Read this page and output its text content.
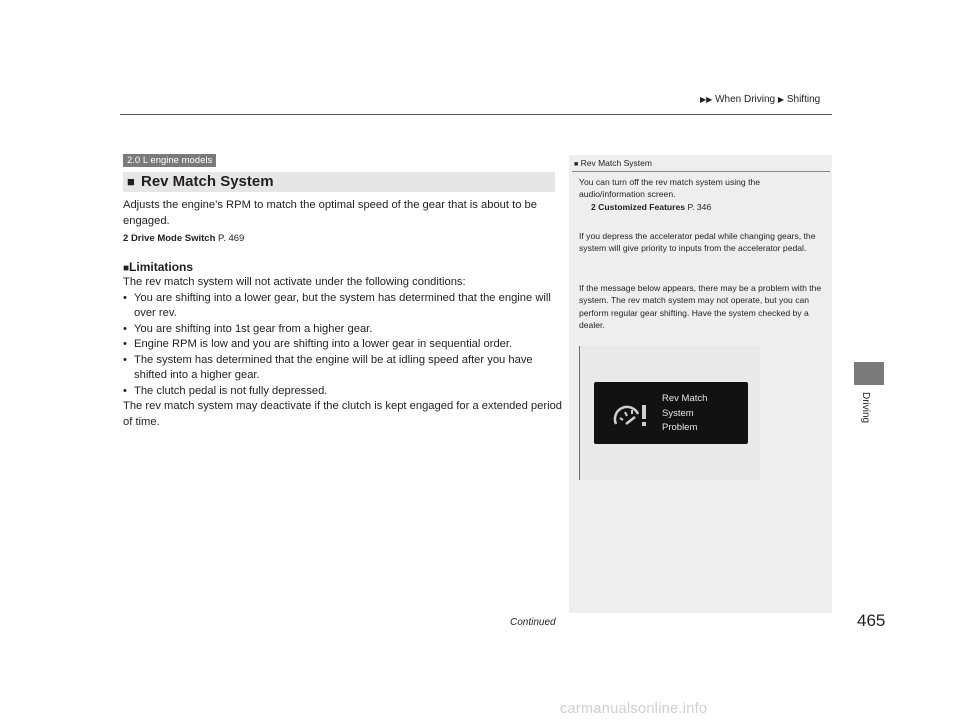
▶▶ When Driving ▶ Shifting
2.0 L engine models
■ Rev Match System
Adjusts the engine’s RPM to match the optimal speed of the gear that is about to be engaged.
2 Drive Mode Switch P. 469
■Limitations
The rev match system will not activate under the following conditions:
• You are shifting into a lower gear, but the system has determined that the engine will over rev.
• You are shifting into 1st gear from a higher gear.
• Engine RPM is low and you are shifting into a lower gear in sequential order.
• The system has determined that the engine will be at idling speed after you have shifted into a higher gear.
• The clutch pedal is not fully depressed.
The rev match system may deactivate if the clutch is kept engaged for a extended period of time.
■ Rev Match System
You can turn off the rev match system using the audio/information screen.
2 Customized Features P. 346
If you depress the accelerator pedal while changing gears, the system will give priority to inputs from the accelerator pedal.
If the message below appears, there may be a problem with the system. The rev match system may not operate, but you can perform regular gear shifting. Have the system checked by a dealer.
Rev Match
System
Problem
Driving
Continued	465
carmanualsonline.info
